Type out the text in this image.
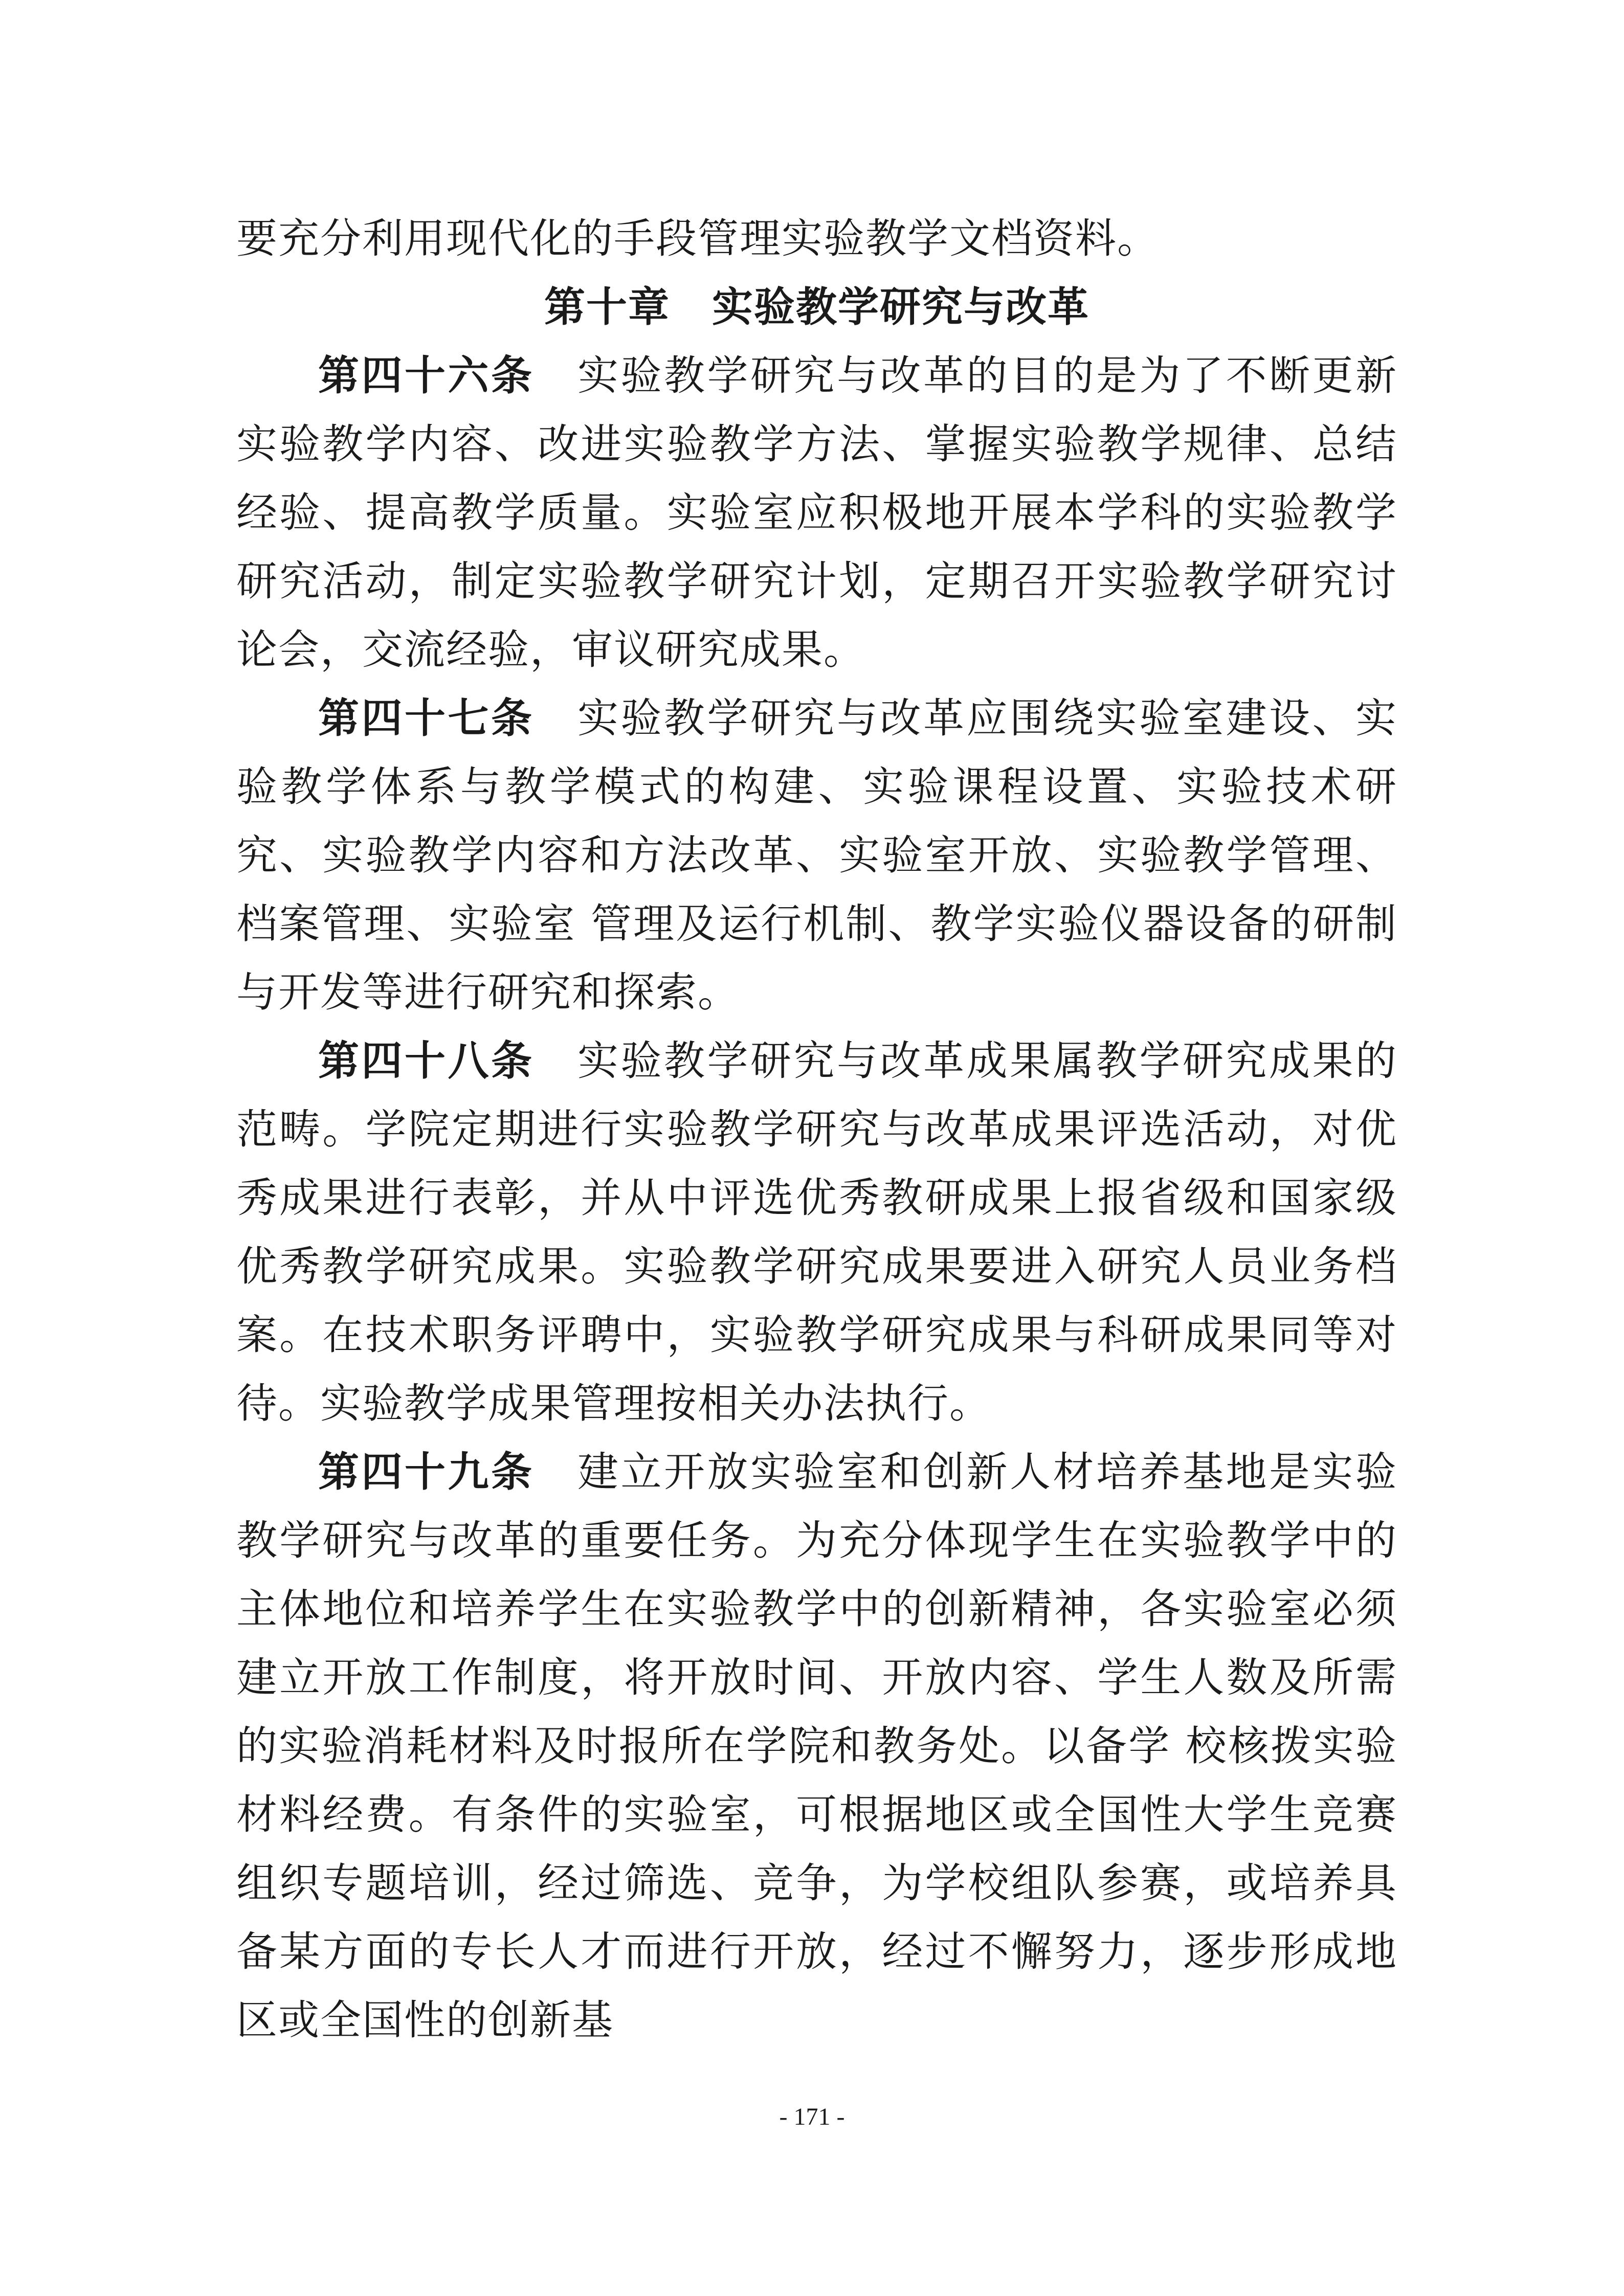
要充分利用现代化的手段管理实验教学文档资料。

第十章　实验教学研究与改革

第四十六条　 实验教学研究与改革的目的是为了不断更新实验教学内容、改进实验教学方法、掌握实验教学规律、总结经验、提高教学质量。实验室应积极地开展本学科的实验教学研究活动，制定实验教学研究计划，定期召开实验教学研究讨论会，交流经验，审议研究成果。

第四十七条　 实验教学研究与改革应围绕实验室建设、实验教学体系与教学模式的构建、实验课程设置、实验技术研究、实验教学内容和方法改革、实验室开放、实验教学管理、档案管理、实验室 管理及运行机制、教学实验仪器设备的研制与开发等进行研究和探索。

第四十八条　 实验教学研究与改革成果属教学研究成果的范畴。学院定期进行实验教学研究与改革成果评选活动，对优秀成果进行表彰，并从中评选优秀教研成果上报省级和国家级优秀教学研究成果。实验教学研究成果要进入研究人员业务档案。在技术职务评聘中，实验教学研究成果与科研成果同等对待。实验教学成果管理按相关办法执行。

第四十九条　 建立开放实验室和创新人材培养基地是实验教学研究与改革的重要任务。为充分体现学生在实验教学中的主体地位和培养学生在实验教学中的创新精神，各实验室必须建立开放工作制度，将开放时间、开放内容、学生人数及所需的实验消耗材料及时报所在学院和教务处。以备学 校核拨实验材料经费。有条件的实验室，可根据地区或全国性大学生竞赛组织专题培训，经过筛选、竞争，为学校组队参赛，或培养具备某方面的专长人才而进行开放，经过不懈努力，逐步形成地区或全国性的创新基

- 171 -
